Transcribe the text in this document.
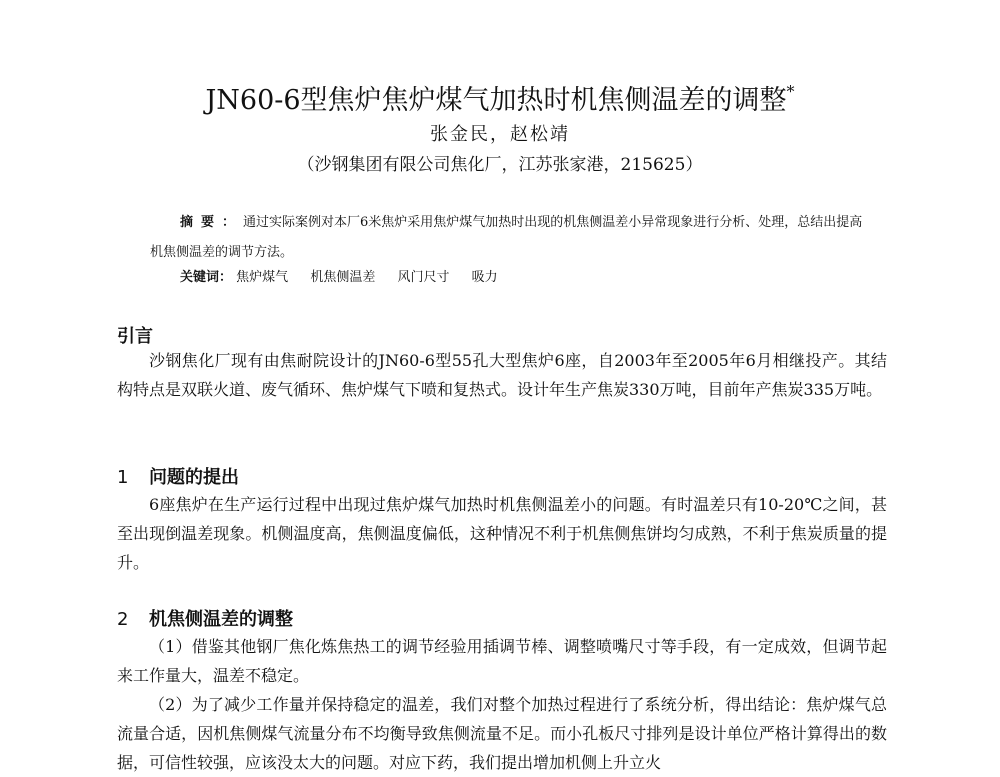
JN60-6型焦炉焦炉煤气加热时机焦侧温差的调整*
张金民，赵松靖
（沙钢集团有限公司焦化厂，江苏张家港，215625）
摘要：通过实际案例对本厂6米焦炉采用焦炉煤气加热时出现的机焦侧温差小异常现象进行分析、处理，总结出提高机焦侧温差的调节方法。
关键词： 焦炉煤气 机焦侧温差 风门尺寸 吸力
引言
沙钢焦化厂现有由焦耐院设计的JN60-6型55孔大型焦炉6座，自2003年至2005年6月相继投产。其结构特点是双联火道、废气循环、焦炉煤气下喷和复热式。设计年生产焦炭330万吨，目前年产焦炭335万吨。
1 问题的提出
6座焦炉在生产运行过程中出现过焦炉煤气加热时机焦侧温差小的问题。有时温差只有10-20℃之间，甚至出现倒温差现象。机侧温度高，焦侧温度偏低，这种情况不利于机焦侧焦饼均匀成熟，不利于焦炭质量的提升。
2 机焦侧温差的调整
（1）借鉴其他钢厂焦化炼焦热工的调节经验用插调节棒、调整喷嘴尺寸等手段，有一定成效，但调节起来工作量大，温差不稳定。
（2）为了减少工作量并保持稳定的温差，我们对整个加热过程进行了系统分析，得出结论：焦炉煤气总流量合适，因机焦侧煤气流量分布不均衡导致焦侧流量不足。而小孔板尺寸排列是设计单位严格计算得出的数据，可信性较强，应该没太大的问题。对应下药，我们提出增加机侧上升立火
